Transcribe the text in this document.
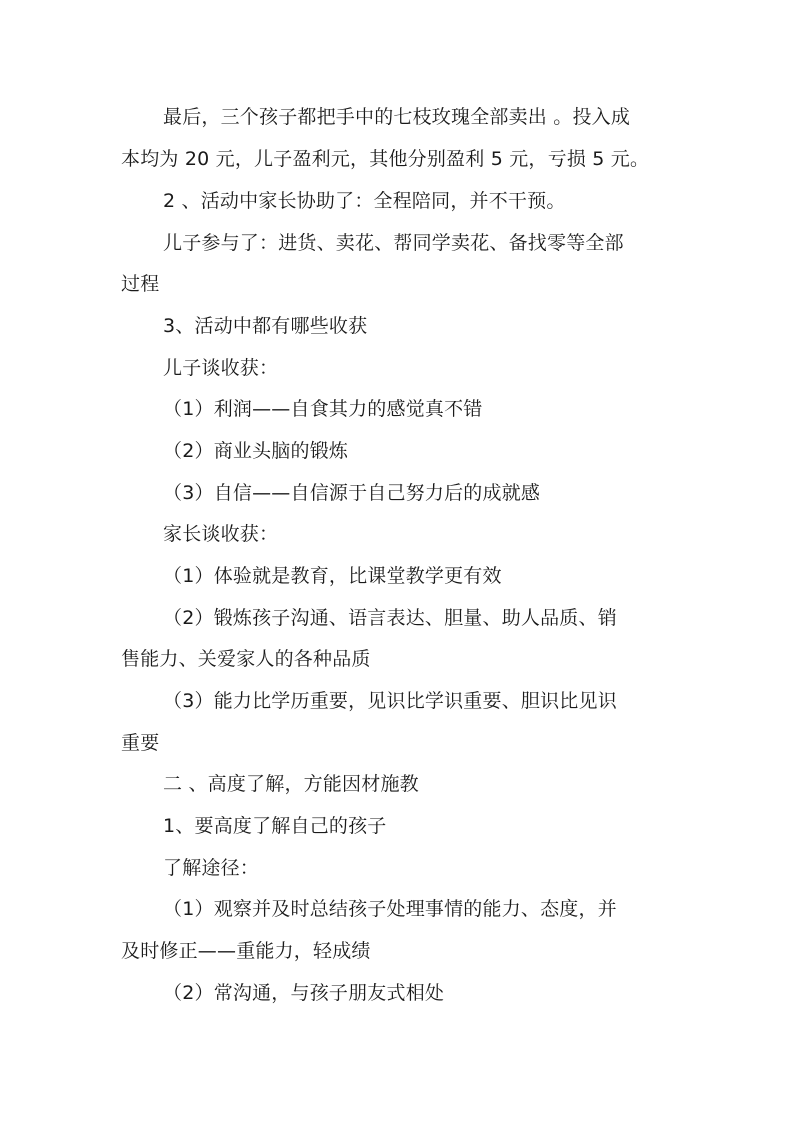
最后，三个孩子都把手中的七枝玫瑰全部卖出 。投入成
本均为 20 元，儿子盈利元，其他分别盈利 5 元，亏损 5 元。
2 、活动中家长协助了：全程陪同，并不干预。
儿子参与了：进货、卖花、帮同学卖花、备找零等全部
过程
3、活动中都有哪些收获
儿子谈收获：
（1）利润——自食其力的感觉真不错
（2）商业头脑的锻炼
（3）自信——自信源于自己努力后的成就感
家长谈收获：
（1）体验就是教育，比课堂教学更有效
（2）锻炼孩子沟通、语言表达、胆量、助人品质、销
售能力、关爱家人的各种品质
（3）能力比学历重要，见识比学识重要、胆识比见识
重要
二 、高度了解，方能因材施教
1、要高度了解自己的孩子
了解途径：
（1）观察并及时总结孩子处理事情的能力、态度，并
及时修正——重能力，轻成绩
（2）常沟通，与孩子朋友式相处
